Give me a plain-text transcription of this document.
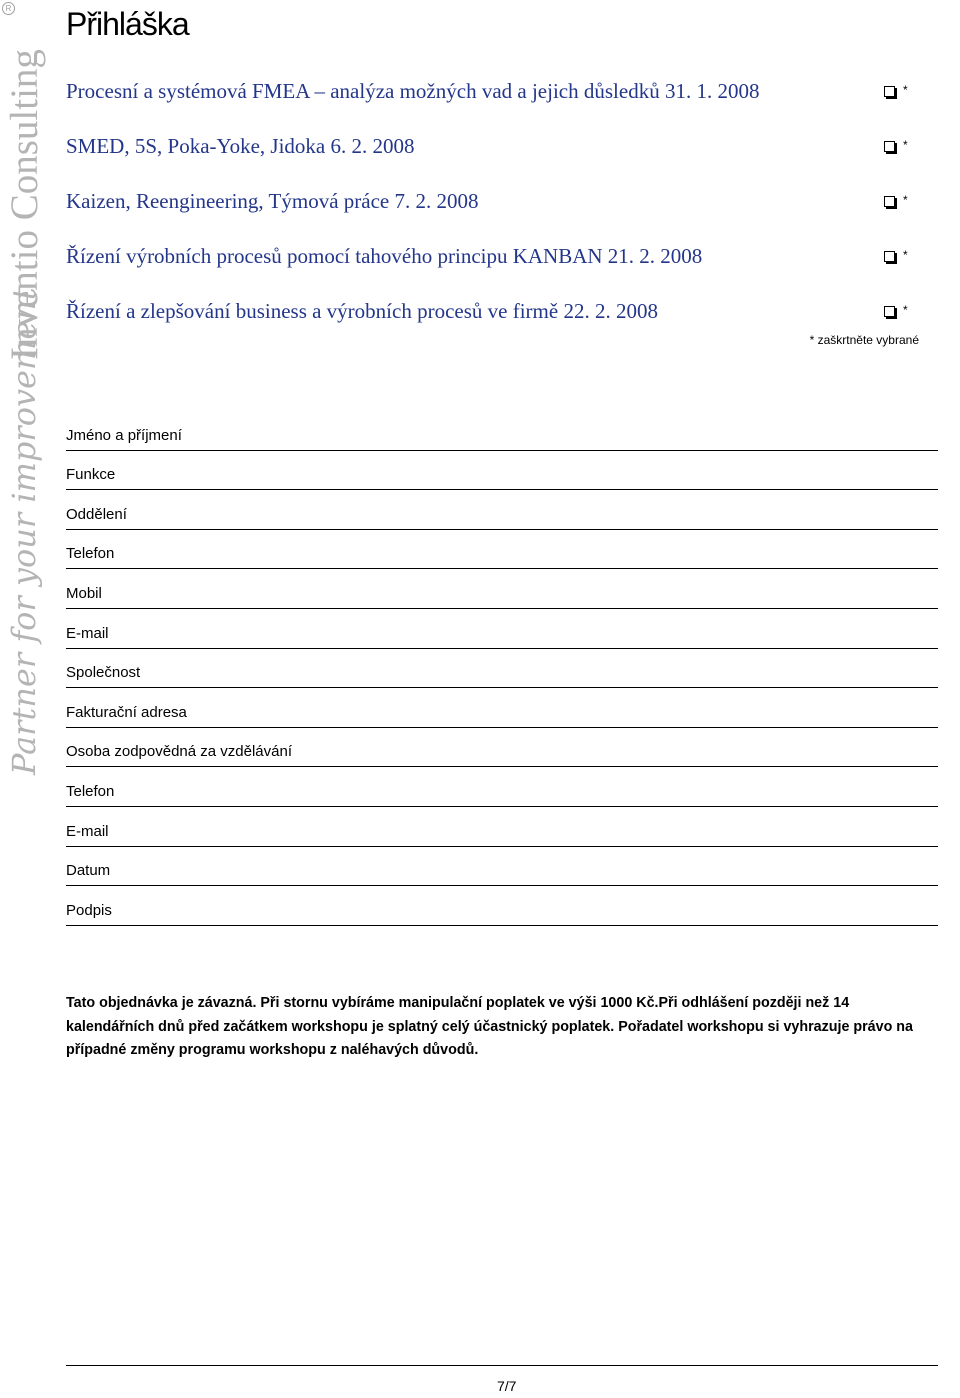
R
Inventio Consulting
Partner for your improvement
Přihláška
Procesní a systémová FMEA – analýza možných vad a jejich důsledků 31. 1. 2008	*
SMED, 5S, Poka-Yoke, Jidoka 6. 2. 2008	*
Kaizen, Reengineering, Týmová práce 7. 2. 2008	*
Řízení výrobních procesů pomocí tahového principu KANBAN 21. 2. 2008	*
Řízení a zlepšování business a výrobních procesů ve firmě 22. 2. 2008	*
* zaškrtněte vybrané
Jméno a příjmení
Funkce
Oddělení
Telefon
Mobil
E-mail
Společnost
Fakturační adresa
Osoba zodpovědná za vzdělávání
Telefon
E-mail
Datum
Podpis

Tato objednávka je závazná. Při stornu vybíráme manipulační poplatek ve výši 1000 Kč.Při odhlášení později než 14 kalendářních dnů před začátkem workshopu je splatný celý účastnický poplatek. Pořadatel workshopu si vyhrazuje právo na případné změny programu workshopu z naléhavých důvodů.

7/7
